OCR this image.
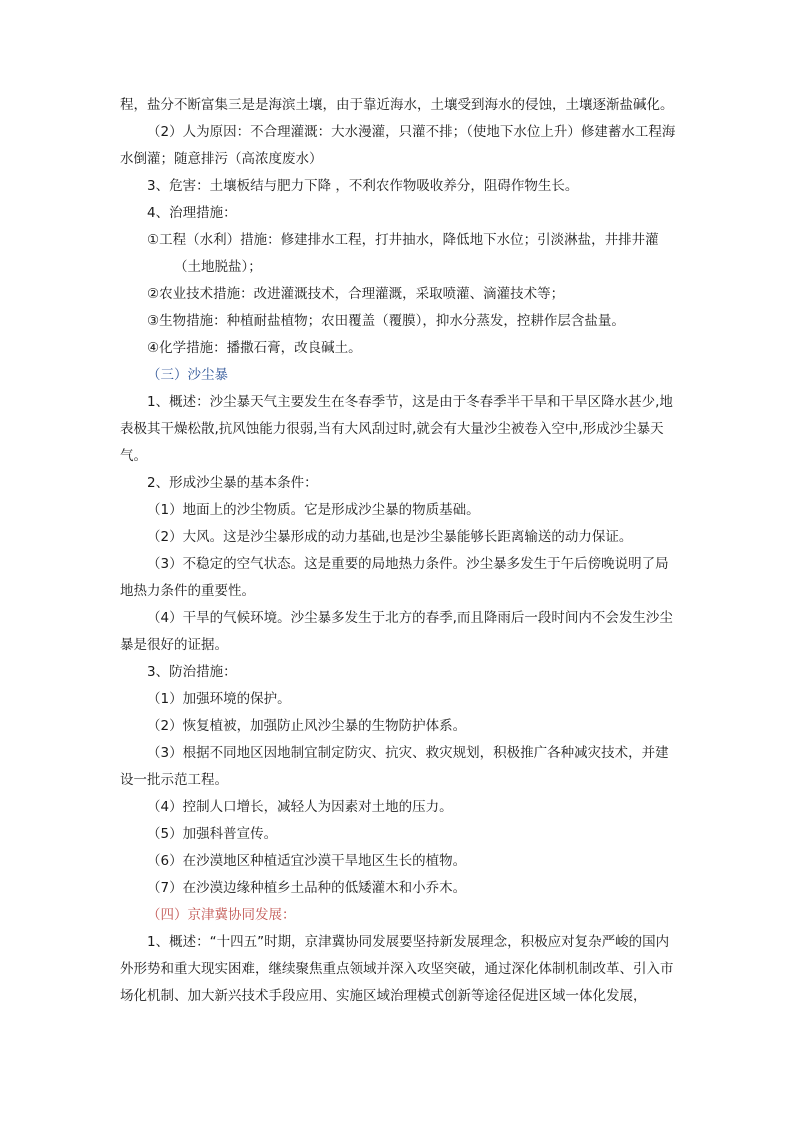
程，盐分不断富集三是是海滨土壤，由于靠近海水，土壤受到海水的侵蚀，土壤逐渐盐碱化。

（2）人为原因：不合理灌溉：大水漫灌，只灌不排；（使地下水位上升）修建蓄水工程海水倒灌；随意排污（高浓度废水）

3、危害：土壤板结与肥力下降 ，不利农作物吸收养分，阻碍作物生长。

4、治理措施：

①工程（水利）措施：修建排水工程，打井抽水，降低地下水位；引淡淋盐，井排井灌（土地脱盐）；

②农业技术措施：改进灌溉技术，合理灌溉，采取喷灌、滴灌技术等；

③生物措施：种植耐盐植物；农田覆盖（覆膜），抑水分蒸发，控耕作层含盐量。

④化学措施：播撒石膏，改良碱土。

（三）沙尘暴

1、概述：沙尘暴天气主要发生在冬春季节，这是由于冬春季半干旱和干旱区降水甚少,地表极其干燥松散,抗风蚀能力很弱,当有大风刮过时,就会有大量沙尘被卷入空中,形成沙尘暴天气。

2、形成沙尘暴的基本条件：

（1）地面上的沙尘物质。它是形成沙尘暴的物质基础。

（2）大风。这是沙尘暴形成的动力基础,也是沙尘暴能够长距离输送的动力保证。

（3）不稳定的空气状态。这是重要的局地热力条件。沙尘暴多发生于午后傍晚说明了局地热力条件的重要性。

（4）干旱的气候环境。沙尘暴多发生于北方的春季,而且降雨后一段时间内不会发生沙尘暴是很好的证据。

3、防治措施：

（1）加强环境的保护。

（2）恢复植被，加强防止风沙尘暴的生物防护体系。

（3）根据不同地区因地制宜制定防灾、抗灾、救灾规划，积极推广各种减灾技术，并建设一批示范工程。

（4）控制人口增长，减轻人为因素对土地的压力。

（5）加强科普宣传。

（6）在沙漠地区种植适宜沙漠干旱地区生长的植物。

（7）在沙漠边缘种植乡土品种的低矮灌木和小乔木。

（四）京津冀协同发展：

1、概述：“十四五”时期，京津冀协同发展要坚持新发展理念，积极应对复杂严峻的国内外形势和重大现实困难，继续聚焦重点领域并深入攻坚突破，通过深化体制机制改革、引入市场化机制、加大新兴技术手段应用、实施区域治理模式创新等途径促进区域一体化发展，
